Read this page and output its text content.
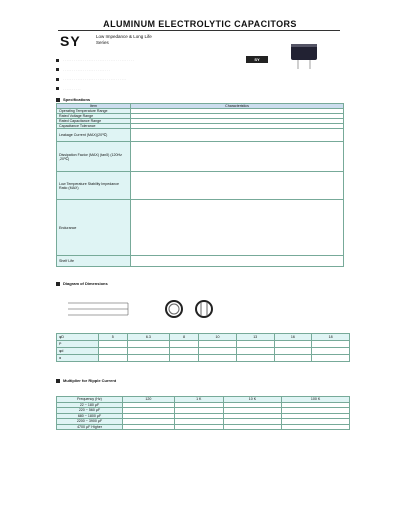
ALUMINUM ELECTROLYTIC CAPACITORS
SY	Low Impedance & Long Life
Series
· · · · · · · · · · · · · · · · · · · · · · · · · · · · · · · · · · · · · · ·
· · · · · · · · · · · · · · · · · · · · · · · · · ·
· · · · · · · · · · · · · · · · · · · · · · · · · · · · · · · · · · ·
· · · · · · · · · ·
SY
Specifications
Item	Characteristics
Operating Temperature Range	
Rated Voltage Range	
Rated Capacitance Range	
Capacitance Tolerance	
Leakage Current (MAX)(20℃)	
Dissipation Factor (MAX) (tanδ) (120Hz ,20℃)	
Low Temperature Stability Impedance Ratio (MAX)	
Endurance	
Shelf Life	
Diagram of Dimensions
φD	5	6.3	8	10	13	16	18
P							
φd							
α							
Multiplier for Ripple Current
Frequency (Hz)	120	1 K	10 K	100 K
22 ~ 180 μF				
220 ~ 560 μF				
680 ~ 1800 μF				
2200 ~ 3900 μF				
4700 μF Higher				
